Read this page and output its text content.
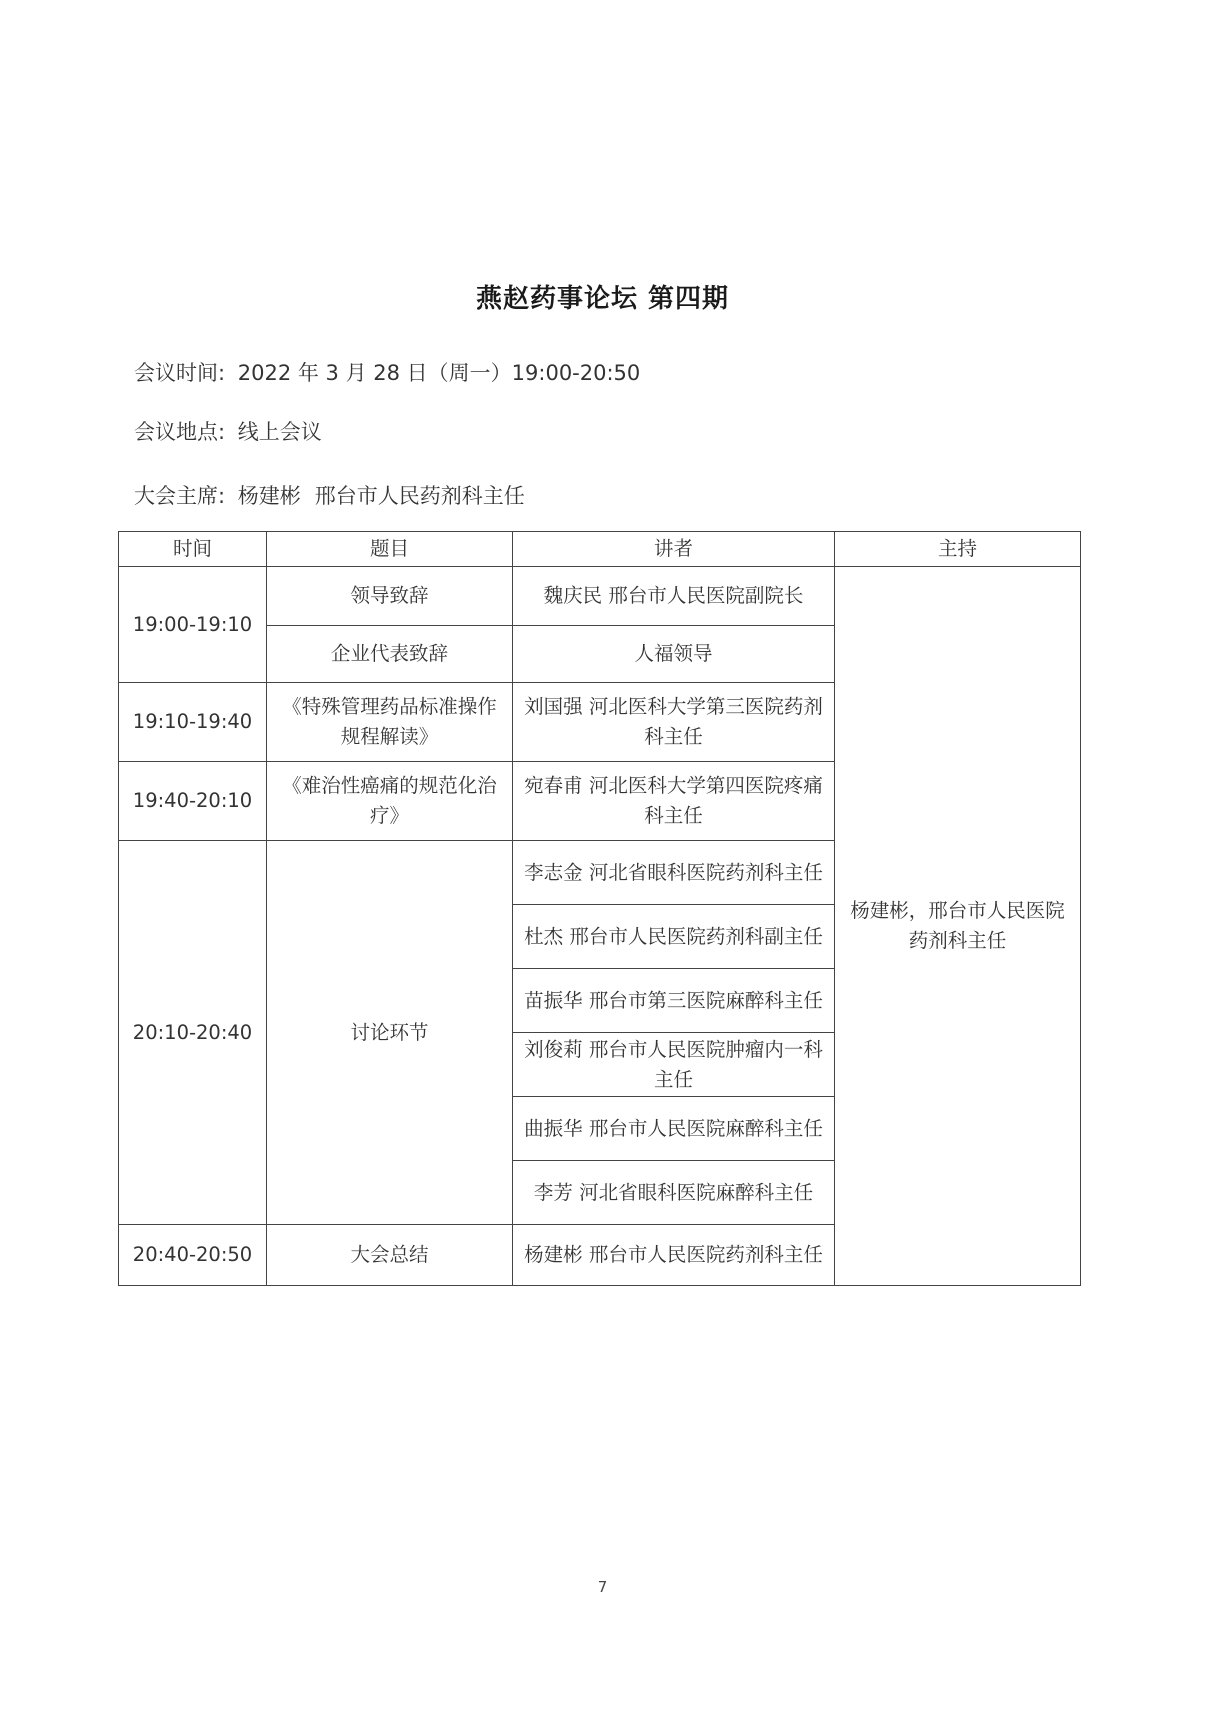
燕赵药事论坛 第四期
会议时间: 2022 年 3 月 28 日（周一）19:00-20:50
会议地点: 线上会议
大会主席: 杨建彬 邢台市人民药剂科主任
时间	题目	讲者	主持
19:00-19:10	领导致辞	魏庆民 邢台市人民医院副院长	杨建彬，邢台市人民医院药剂科主任
	企业代表致辞	人福领导	
19:10-19:40	《特殊管理药品标准操作规程解读》	刘国强 河北医科大学第三医院药剂科主任	
19:40-20:10	《难治性癌痛的规范化治疗》	宛春甫 河北医科大学第四医院疼痛科主任	
20:10-20:40	讨论环节	李志金 河北省眼科医院药剂科主任	
		杜杰 邢台市人民医院药剂科副主任	
		苗振华 邢台市第三医院麻醉科主任	
		刘俊莉 邢台市人民医院肿瘤内一科主任	
		曲振华 邢台市人民医院麻醉科主任	
		李芳 河北省眼科医院麻醉科主任	
20:40-20:50	大会总结	杨建彬 邢台市人民医院药剂科主任	
7
